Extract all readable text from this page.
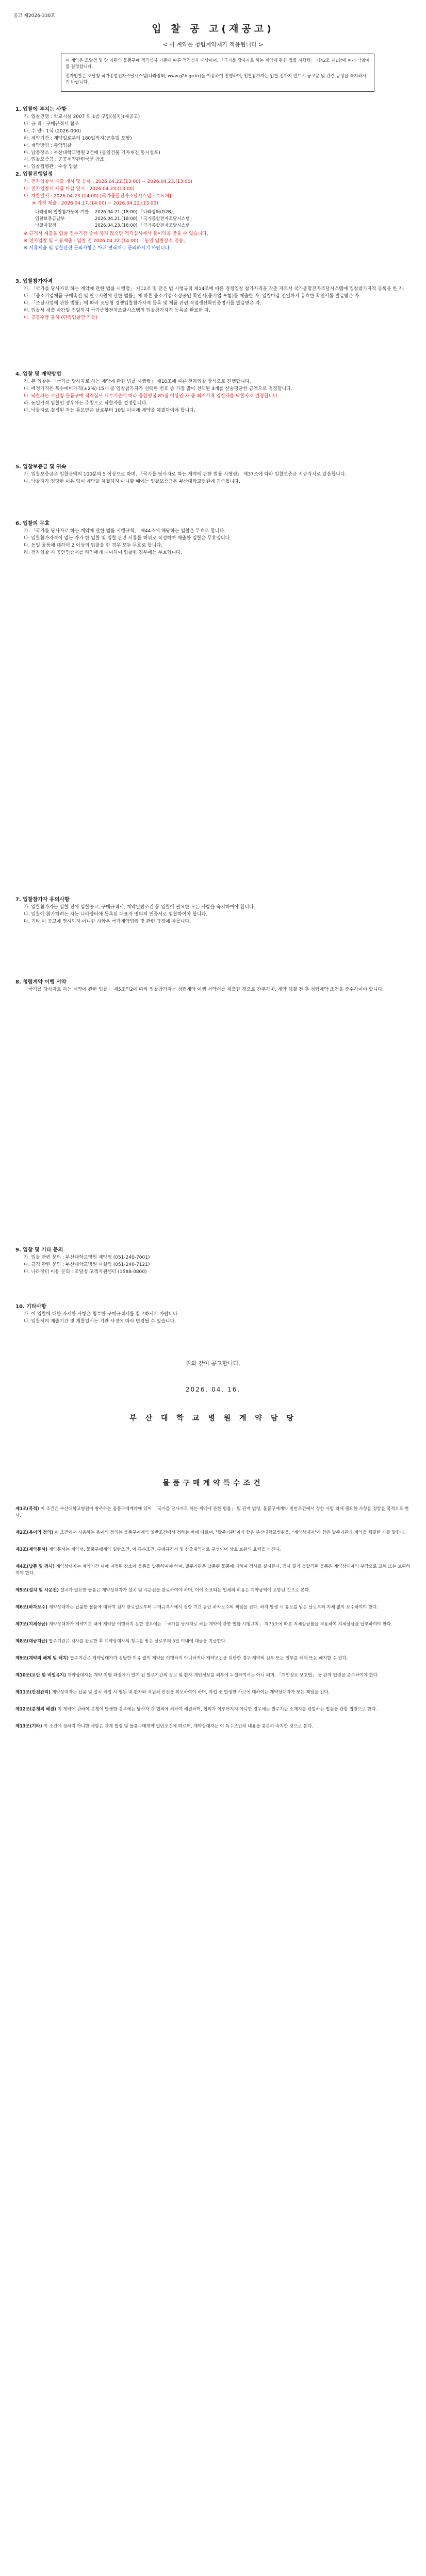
공고 제2026-330호
입 찰 공 고(재공고)
< 이 계약은 청렴계약제가 적용됩니다 >

이 계약은 조달청 및 당 기관의 물품구매 적격심사 기준에 따른 적격심사 대상이며, 「국가를 당사자로 하는 계약에 관한 법률 시행령」 제42조 제1항에 따라 낙찰자를 결정합니다.

전자입찰은 조달청 국가종합전자조달시스템(나라장터, www.g2b.go.kr)을 이용하여 진행하며, 입찰참가자는 입찰 전까지 반드시 공고문 및 관련 규정을 숙지하시기 바랍니다.

1. 입찰에 부치는 사항

가. 입찰건명 : 학교시설 2007 외 1종 구입(설치)(재공고)

나. 규 격 : 구매규격서 참조

다. 수 량 : 1식 (2026-000)

라. 계약기간 : 계약일로부터 180일까지(공휴일 포함)

마. 계약방법 : 총액입찰

바. 납품장소 : 부산대학교병원 2건에 (동일건물 기자재진 동시설포)

사. 입찰보증금 : 공공계약관련국문 참조

아. 입찰집행관 : 수상 입찰

2. 입찰진행일정

가. 전자입찰서 제출 개시 및 등록 : 2026.04.22.(13:00) ~ 2026.04.23.(13:00)

나. 전자입찰서 제출 마감 일시 : 2026.04.23.(13:00)

다. 개찰일시 : 2026.04.23.(14:00) [국가종합전자조달시스템 : 수요처]

※ 가격 제출 : 2026.04.17.(14:00) ~ 2026.04.22.(13:00)

나라장터 입찰참가등록 기한	2026.04.21.(18:00) 「나라장터(G2B)」
입찰보증금납부	2026.04.21.(18:00) 「국가종합전자조달시스템」
낙찰자결정	2026.04.23.(16:00) 「국가종합전자조달시스템」

※ 규격서 제출을 입찰 접수기간 중에 하지 않으면 적격심사에서 불이익을 받을 수 있습니다.

※ 전자입찰 및 서류제출 : 입찰 전 2026.04.22.(14:00) 「동일 입찰장소 전송」

※ 서류제출 및 입찰관련 문의사항은 아래 연락처로 문의하시기 바랍니다.

3. 입찰참가자격

가. 「국가를 당사자로 하는 계약에 관한 법률 시행령」 제12조 및 같은 법 시행규칙 제14조에 따른 경쟁입찰 참가자격을 갖춘 자로서 국가종합전자조달시스템에 입찰참가자격 등록을 한 자.

나. 「중소기업제품 구매촉진 및 판로지원에 관한 법률」에 따른 중소기업·소상공인 확인서(중기업 포함)를 제출한 자. 입찰마감 전일까지 유효한 확인서를 발급받은 자.

다. 「조달사업에 관한 법률」에 따라 조달청 경쟁입찰참가자격 등록 및 제품 관련 직접생산확인증명서를 발급받은 자.

라. 입찰서 제출 마감일 전일까지 국가종합전자조달시스템의 입찰참가자격 등록을 완료한 자.

마. 공동수급 불허 (단독입찰만 가능)

4. 입찰 및 계약방법

가. 본 입찰은 「국가를 당사자로 하는 계약에 관한 법률 시행령」 제10조에 따른 전자입찰 방식으로 진행합니다.

나. 예정가격은 복수예비가격(±2%) 15개 중 입찰참가자가 선택한 번호 중 가장 많이 선택된 4개를 산술평균한 금액으로 결정합니다.

다. 낙찰자는 조달청 물품구매 적격심사 세부기준에 따라 종합평점 85점 이상인 자 중 최저가격 입찰자를 낙찰자로 결정합니다.

라. 동일가격 입찰인 경우에는 추첨으로 낙찰자를 결정합니다.

마. 낙찰자로 결정된 자는 통보받은 날로부터 10일 이내에 계약을 체결하여야 합니다.

5. 입찰보증금 및 귀속

가. 입찰보증금은 입찰금액의 100분의 5 이상으로 하며, 「국가를 당사자로 하는 계약에 관한 법률 시행령」 제37조에 따라 입찰보증금 지급각서로 갈음합니다.

나. 낙찰자가 정당한 이유 없이 계약을 체결하지 아니할 때에는 입찰보증금은 부산대학교병원에 귀속됩니다.

6. 입찰의 무효

가. 「국가를 당사자로 하는 계약에 관한 법률 시행규칙」 제44조에 해당하는 입찰은 무효로 합니다.

나. 입찰참가자격이 없는 자가 한 입찰 및 입찰 관련 서류를 허위로 작성하여 제출한 입찰은 무효입니다.

다. 동일 물품에 대하여 2 이상의 입찰을 한 경우 모두 무효로 합니다.

라. 전자입찰 시 공인인증서를 타인에게 대여하여 입찰한 경우에는 무효입니다.

7. 입찰참가자 유의사항

가. 입찰참가자는 입찰 전에 입찰공고, 구매규격서, 계약일반조건 등 입찰에 필요한 모든 사항을 숙지하여야 합니다.

나. 입찰에 참가하려는 자는 나라장터에 등록된 대표자 명의의 인증서로 입찰하여야 합니다.

다. 기타 이 공고에 명시되지 아니한 사항은 국가계약법령 및 관련 규정에 따릅니다.

8. 청렴계약 이행 서약

「국가를 당사자로 하는 계약에 관한 법률」 제5조의2에 따라 입찰참가자는 청렴계약 이행 서약서를 제출한 것으로 간주하며, 계약 체결 전·후 청렴계약 조건을 준수하여야 합니다.

9. 입찰 및 기타 문의

가. 입찰 관련 문의 : 부산대학교병원 계약팀 (051-240-7001)

나. 규격 관련 문의 : 부산대학교병원 시설팀 (051-240-7121)

다. 나라장터 이용 문의 : 조달청 고객지원센터 (1588-0800)

10. 기타사항

가. 이 입찰에 대한 자세한 사항은 첨부한 구매규격서를 참고하시기 바랍니다.

나. 입찰서의 제출기간 및 개찰일시는 기관 사정에 따라 변경될 수 있습니다.

위와 같이 공고합니다.
2026. 04. 16.
부 산 대 학 교 병 원 계 약 담 당
물품구매계약특수조건

제1조(목적) 이 조건은 부산대학교병원이 발주하는 물품구매계약에 있어 「국가를 당사자로 하는 계약에 관한 법률」 및 관계 법령, 물품구매계약 일반조건에서 정한 사항 외에 필요한 사항을 정함을 목적으로 한다.

제2조(용어의 정의) 이 조건에서 사용하는 용어의 정의는 물품구매계약 일반조건에서 정하는 바에 따르며, "발주기관"이라 함은 부산대학교병원을, "계약상대자"라 함은 발주기관과 계약을 체결한 자를 말한다.

제3조(계약문서) 계약문서는 계약서, 물품구매계약 일반조건, 이 특수조건, 구매규격서 및 산출내역서로 구성되며 상호 보완의 효력을 가진다.

제4조(납품 및 검사) 계약상대자는 계약기간 내에 지정된 장소에 물품을 납품하여야 하며, 발주기관은 납품된 물품에 대하여 검사를 실시한다. 검사 결과 불합격된 물품은 계약상대자의 부담으로 교체 또는 보완하여야 한다.

제5조(설치 및 시운전) 설치가 필요한 물품은 계약상대자가 설치 및 시운전을 완료하여야 하며, 이에 소요되는 일체의 비용은 계약금액에 포함된 것으로 본다.

제6조(하자보수) 계약상대자는 납품한 물품에 대하여 검사 완료일로부터 구매규격서에서 정한 기간 동안 하자보수의 책임을 진다. 하자 발생 시 통보를 받은 날로부터 지체 없이 보수하여야 한다.

제7조(지체상금) 계약상대자가 계약기간 내에 계약을 이행하지 못한 경우에는 「국가를 당사자로 하는 계약에 관한 법률 시행규칙」 제75조에 따른 지체상금률을 적용하여 지체상금을 납부하여야 한다.

제8조(대금지급) 발주기관은 검사를 완료한 후 계약상대자의 청구를 받은 날로부터 5일 이내에 대금을 지급한다.

제9조(계약의 해제 및 해지) 발주기관은 계약상대자가 정당한 이유 없이 계약을 이행하지 아니하거나 계약조건을 위반한 경우 계약의 전부 또는 일부를 해제 또는 해지할 수 있다.

제10조(보안 및 비밀유지) 계약상대자는 계약 이행 과정에서 알게 된 발주기관의 정보 및 환자 개인정보를 외부에 누설하여서는 아니 되며, 「개인정보 보호법」 등 관계 법령을 준수하여야 한다.

제11조(안전관리) 계약상대자는 납품 및 설치 작업 시 병원 내 환자와 직원의 안전을 확보하여야 하며, 작업 중 발생한 사고에 대하여는 계약상대자가 모든 책임을 진다.

제12조(분쟁의 해결) 이 계약에 관하여 분쟁이 발생한 경우에는 당사자 간 협의에 의하여 해결하며, 협의가 이루어지지 아니한 경우에는 발주기관 소재지를 관할하는 법원을 관할 법원으로 한다.

제13조(기타) 이 조건에 정하지 아니한 사항은 관계 법령 및 물품구매계약 일반조건에 따르며, 계약상대자는 이 특수조건의 내용을 충분히 숙지한 것으로 본다.
